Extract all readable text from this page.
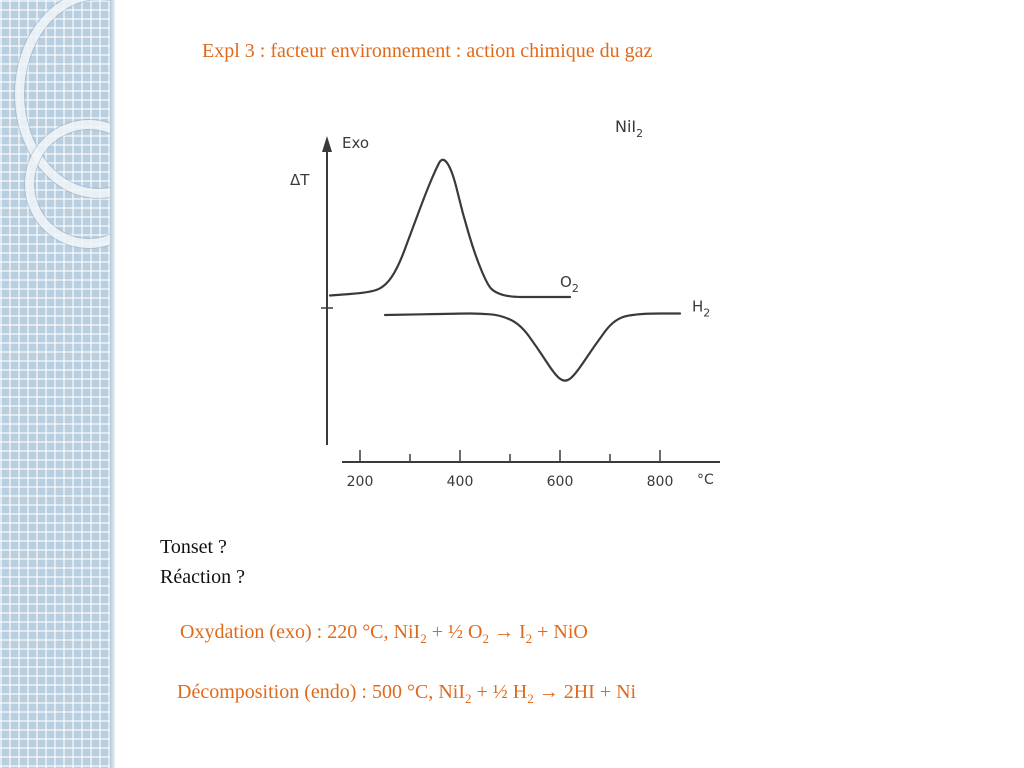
Expl 3 : facteur environnement : action chimique du gaz
200	400	600	800 °C
ΔT
Exo
NiI$_2$
$O_2$
$H_2$
Tonset ?
Réaction ?
Oxydation (exo) : 220 °C, NiI$_2$ + ½ $O_2 \to I_2$ + NiO
Décomposition (endo) : 500 °C, NiI$_2$ + ½ $H_2 \to 2HI + Ni$
